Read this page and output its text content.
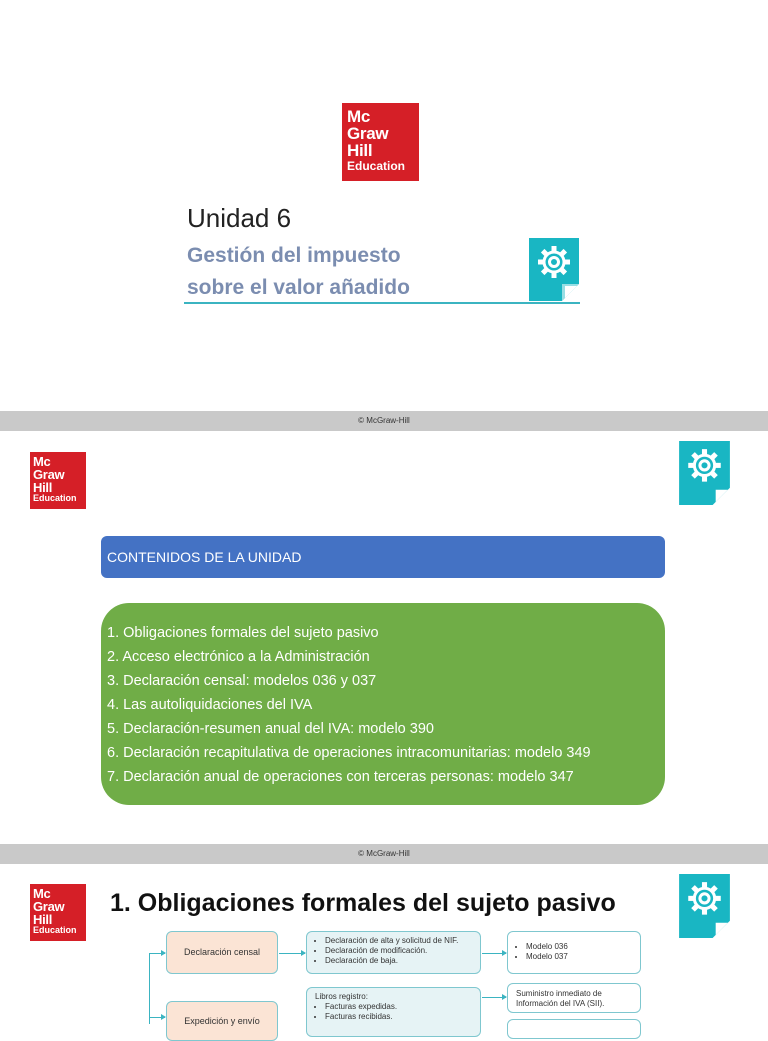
Mc
Graw
Hill
Education
Unidad 6
Gestión del impuesto
sobre el valor añadido
© McGraw-Hill
Mc
Graw
Hill
Education
CONTENIDOS DE LA UNIDAD
1. Obligaciones formales del sujeto pasivo
2. Acceso electrónico a la Administración
3. Declaración censal: modelos 036 y 037
4. Las autoliquidaciones del IVA
5. Declaración-resumen anual del IVA: modelo 390
6. Declaración recapitulativa de operaciones intracomunitarias: modelo 349
7. Declaración anual de operaciones con terceras personas: modelo 347
© McGraw-Hill
Mc
Graw
Hill
Education
1. Obligaciones formales del sujeto pasivo
Declaración censal
• Declaración de alta y solicitud de NIF.
• Declaración de modificación.
• Declaración de baja.
• Modelo 036
• Modelo 037
Expedición y envío
Libros registro:
• Facturas expedidas.
• Facturas recibidas.
Suministro inmediato de Información del IVA (SII).
